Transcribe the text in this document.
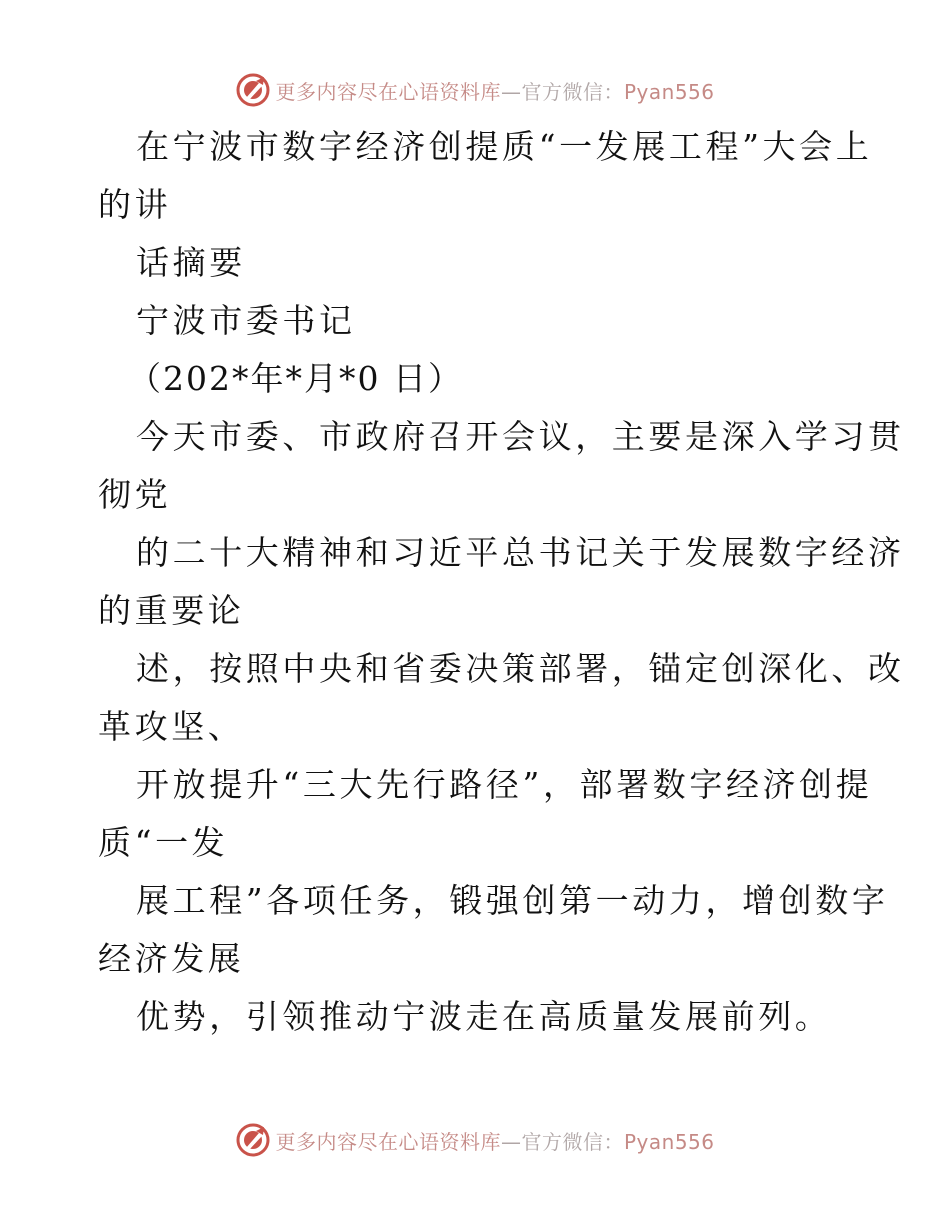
更多内容尽在心语资料库—官方微信：Pyan556
在宁波市数字经济创提质“一发展工程”大会上
的讲
话摘要
宁波市委书记
（202*年*月*0 日）
今天市委、市政府召开会议，主要是深入学习贯
彻党
的二十大精神和习近平总书记关于发展数字经济
的重要论
述，按照中央和省委决策部署，锚定创深化、改
革攻坚、
开放提升“三大先行路径”，部署数字经济创提
质“一发
展工程”各项任务，锻强创第一动力，增创数字
经济发展
优势，引领推动宁波走在高质量发展前列。
更多内容尽在心语资料库—官方微信：Pyan556
